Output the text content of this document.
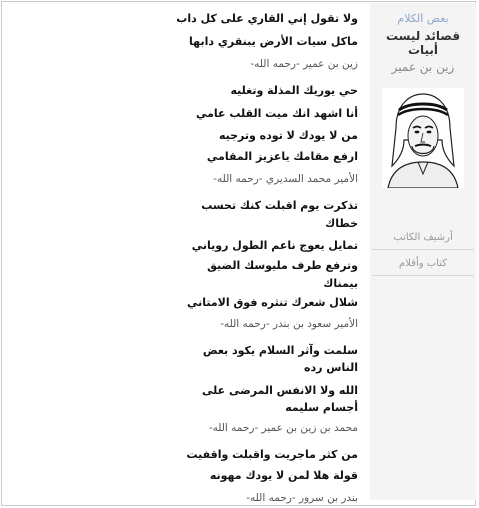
ولا تقول إني القاري على كل داب
ماكل سيات الأرض يبنقري دابها
زين بن عمير -رحمه الله-
حي يوريك المذلة وتغليه
أنا اشهد انك ميت القلب عامي
من لا يودك لا توده وترجيه
ارفع مقامك ياعزيز المقامي
الأمير محمد السديري -رحمه الله-
تذكرت يوم اقبلت كنك تحسب
خطاك
تمايل يعوج ناعم الطول روياني
وترفع طرف مليوسك الضيق
بيمناك
شلال شعرك تنثره فوق الامتاني
الأمير سعود بن بندر -رحمه الله-
سلمت وآثر السلام يكود بعض
الناس رده
الله ولا الانفس المرضى على
أجسام سليمه
محمد بن زين بن عمير -رحمه الله-
من كثر ماجريت واقبلت واقفيت
قولة هلا لمن لا يودك مهونه
بندر بن سرور -رحمه الله-
بعض الكلام
قصائد ليست أبيات
زين بن عمير
أرشيف الكاتب
كتاب وأقلام
